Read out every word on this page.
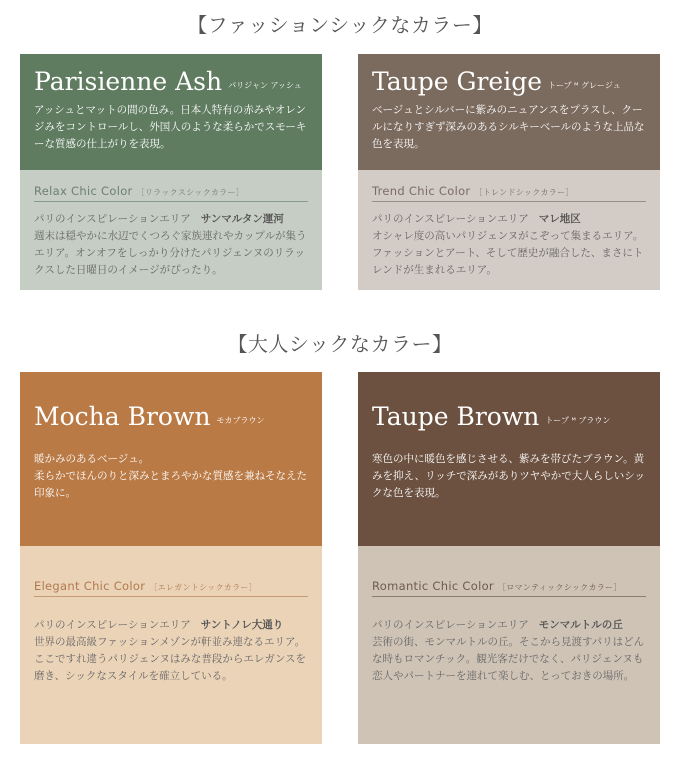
【ファッションシックなカラー】
【大人シックなカラー】
Parisienne Ash パリジャン アッシュ
アッシュとマットの間の色み。日本人特有の赤みやオレンジみをコントロールし、外国人のような柔らかでスモーキーな質感の仕上がりを表現。
Relax Chic Color ［リラックスシックカラー］
パリのインスピレーションエリア サンマルタン運河
週末は穏やかに水辺でくつろぐ家族連れやカップルが集うエリア。オンオフをしっかり分けたパリジェンヌのリラックスした日曜日のイメージがぴったり。
Taupe Greige トープ ᴹ グレージュ
ベージュとシルバーに紫みのニュアンスをプラスし、クールになりすぎず深みのあるシルキーベールのような上品な色を表現。
Trend Chic Color ［トレンドシックカラー］
パリのインスピレーションエリア マレ地区
オシャレ度の高いパリジェンヌがこぞって集まるエリア。ファッションとアート、そして歴史が融合した、まさにトレンドが生まれるエリア。
Mocha Brown モカブラウン
暖かみのあるベージュ。
柔らかでほんのりと深みとまろやかな質感を兼ねそなえた印象に。
Elegant Chic Color ［エレガントシックカラー］
パリのインスピレーションエリア サントノレ大通り
世界の最高級ファッションメゾンが軒並み連なるエリア。ここですれ違うパリジェンヌはみな普段からエレガンスを磨き、シックなスタイルを確立している。
Taupe Brown トープ ᴹ ブラウン
寒色の中に暖色を感じさせる、紫みを帯びたブラウン。黄みを抑え、リッチで深みがありツヤやかで大人らしいシックな色を表現。
Romantic Chic Color ［ロマンティックシックカラー］
パリのインスピレーションエリア モンマルトルの丘
芸術の街、モンマルトルの丘。そこから見渡すパリはどんな時もロマンチック。観光客だけでなく、パリジェンヌも恋人やパートナーを連れて楽しむ、とっておきの場所。
